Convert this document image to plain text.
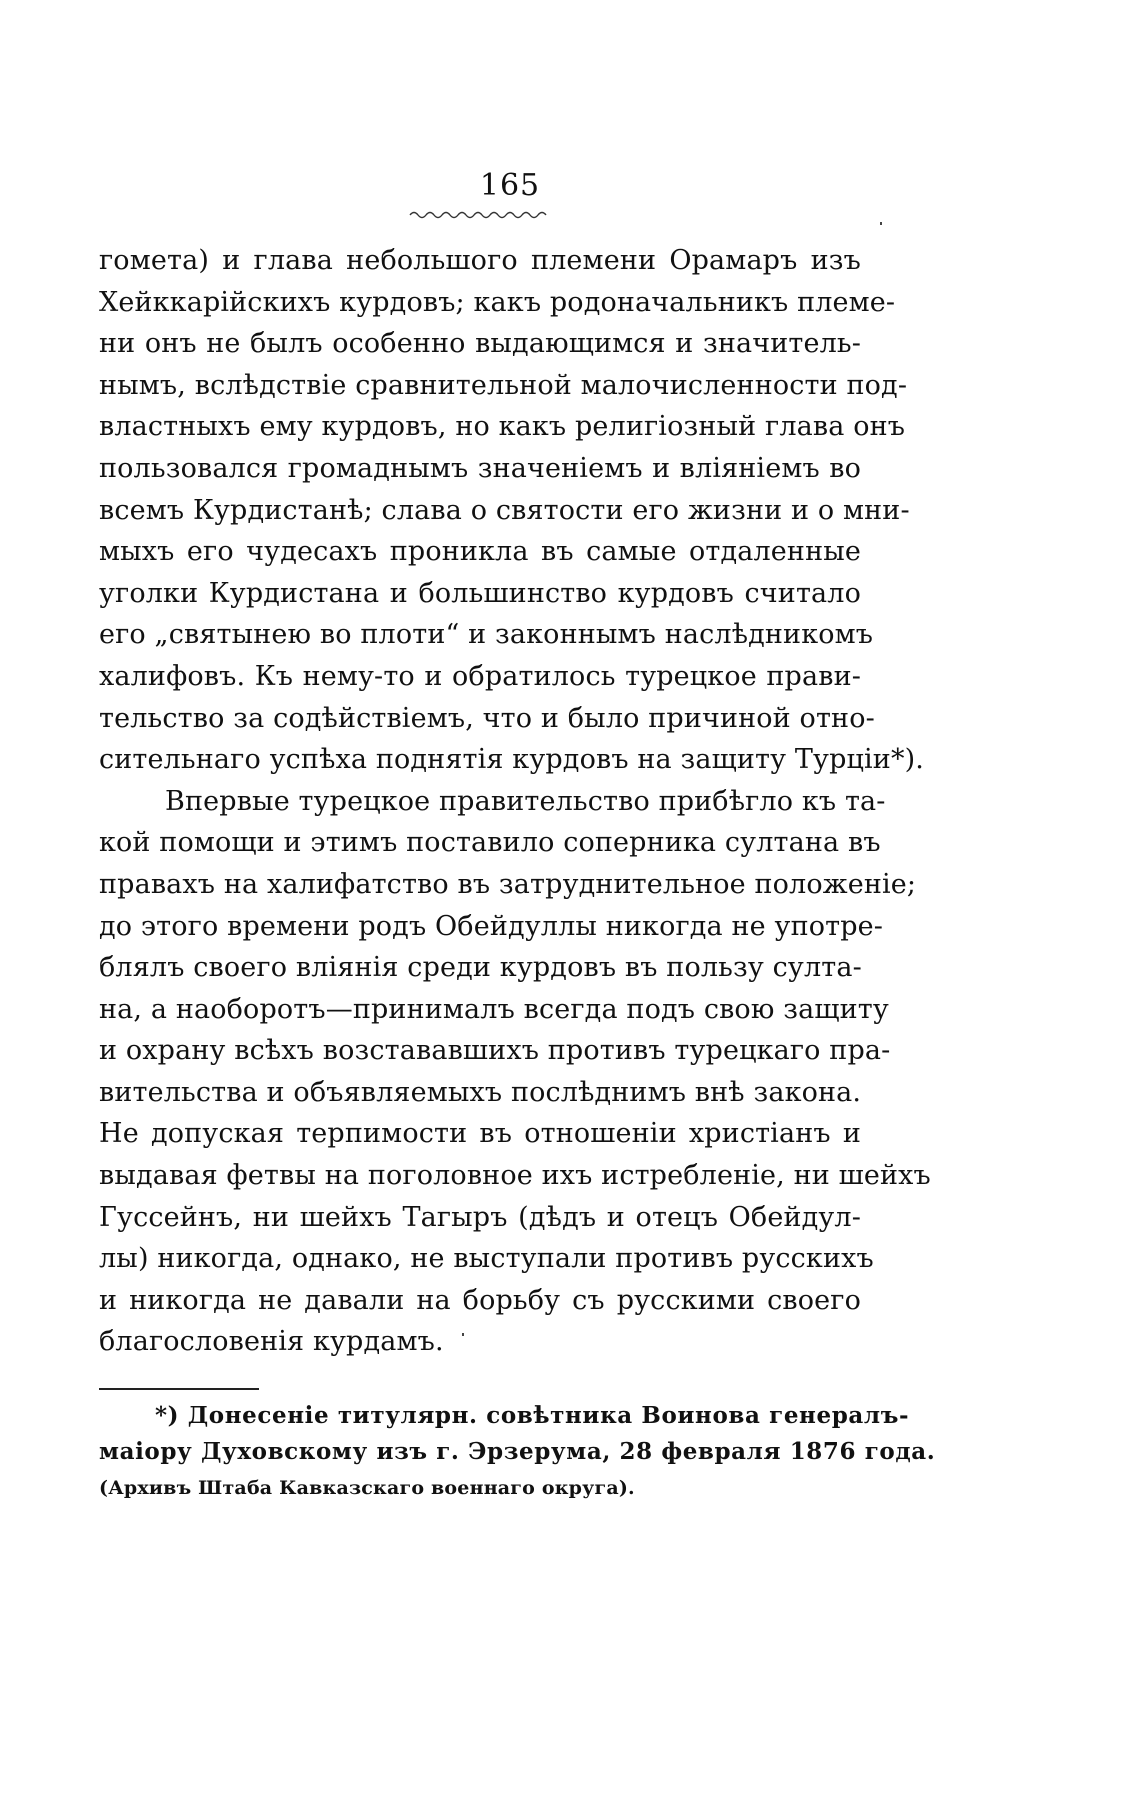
165
гомета) и глава небольшого племени Орамаръ изъ
Хейккарійскихъ курдовъ; какъ родоначальникъ племе-
ни онъ не былъ особенно выдающимся и значитель-
нымъ, вслѣдствіе сравнительной малочисленности под-
властныхъ ему курдовъ, но какъ религіозный глава онъ
пользовался громаднымъ значеніемъ и вліяніемъ во
всемъ Курдистанѣ; слава о святости его жизни и о мни-
мыхъ его чудесахъ проникла въ самые отдаленные
уголки Курдистана и большинство курдовъ считало
его „святынею во плоти“ и законнымъ наслѣдникомъ
халифовъ. Къ нему-то и обратилось турецкое прави-
тельство за содѣйствіемъ, что и было причиной отно-
сительнаго успѣха поднятія курдовъ на защиту Турціи*).
Впервые турецкое правительство прибѣгло къ та-
кой помощи и этимъ поставило соперника султана въ
правахъ на халифатство въ затруднительное положеніе;
до этого времени родъ Обейдуллы никогда не употре-
блялъ своего вліянія среди курдовъ въ пользу султа-
на, а наоборотъ—принималъ всегда подъ свою защиту
и охрану всѣхъ возстававшихъ противъ турецкаго пра-
вительства и объявляемыхъ послѣднимъ внѣ закона.
Не допуская терпимости въ отношеніи христіанъ и
выдавая фетвы на поголовное ихъ истребленіе, ни шейхъ
Гуссейнъ, ни шейхъ Тагыръ (дѣдъ и отецъ Обейдул-
лы) никогда, однако, не выступали противъ русскихъ
и никогда не давали на борьбу съ русскими своего
благословенія курдамъ.
*) Донесеніе титулярн. совѣтника Воинова генералъ-
маіору Духовскому изъ г. Эрзерума, 28 февраля 1876 года.
(Архивъ Штаба Кавказскаго военнаго округа).
